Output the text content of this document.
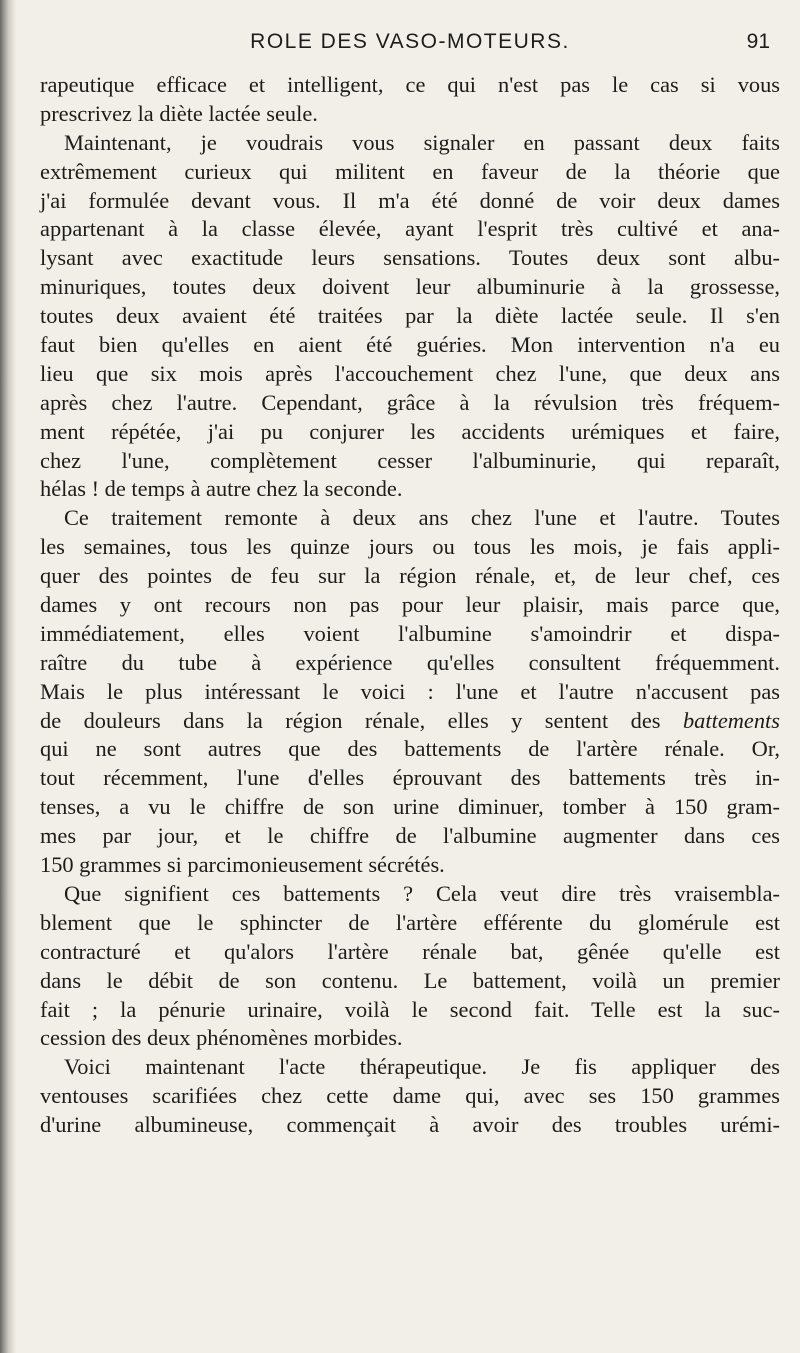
ROLE DES VASO-MOTEURS.	91
rapeutique efficace et intelligent, ce qui n'est pas le cas si vous
prescrivez la diète lactée seule.
Maintenant, je voudrais vous signaler en passant deux faits
extrêmement curieux qui militent en faveur de la théorie que
j'ai formulée devant vous. Il m'a été donné de voir deux dames
appartenant à la classe élevée, ayant l'esprit très cultivé et ana-
lysant avec exactitude leurs sensations. Toutes deux sont albu-
minuriques, toutes deux doivent leur albuminurie à la grossesse,
toutes deux avaient été traitées par la diète lactée seule. Il s'en
faut bien qu'elles en aient été guéries. Mon intervention n'a eu
lieu que six mois après l'accouchement chez l'une, que deux ans
après chez l'autre. Cependant, grâce à la révulsion très fréquem-
ment répétée, j'ai pu conjurer les accidents urémiques et faire,
chez l'une, complètement cesser l'albuminurie, qui reparaît,
hélas ! de temps à autre chez la seconde.
Ce traitement remonte à deux ans chez l'une et l'autre. Toutes
les semaines, tous les quinze jours ou tous les mois, je fais appli-
quer des pointes de feu sur la région rénale, et, de leur chef, ces
dames y ont recours non pas pour leur plaisir, mais parce que,
immédiatement, elles voient l'albumine s'amoindrir et dispa-
raître du tube à expérience qu'elles consultent fréquemment.
Mais le plus intéressant le voici : l'une et l'autre n'accusent pas
de douleurs dans la région rénale, elles y sentent des battements
qui ne sont autres que des battements de l'artère rénale. Or,
tout récemment, l'une d'elles éprouvant des battements très in-
tenses, a vu le chiffre de son urine diminuer, tomber à 150 gram-
mes par jour, et le chiffre de l'albumine augmenter dans ces
150 grammes si parcimonieusement sécrétés.
Que signifient ces battements ? Cela veut dire très vraisembla-
blement que le sphincter de l'artère efférente du glomérule est
contracturé et qu'alors l'artère rénale bat, gênée qu'elle est
dans le débit de son contenu. Le battement, voilà un premier
fait ; la pénurie urinaire, voilà le second fait. Telle est la suc-
cession des deux phénomènes morbides.
Voici maintenant l'acte thérapeutique. Je fis appliquer des
ventouses scarifiées chez cette dame qui, avec ses 150 grammes
d'urine albumineuse, commençait à avoir des troubles urémi-
